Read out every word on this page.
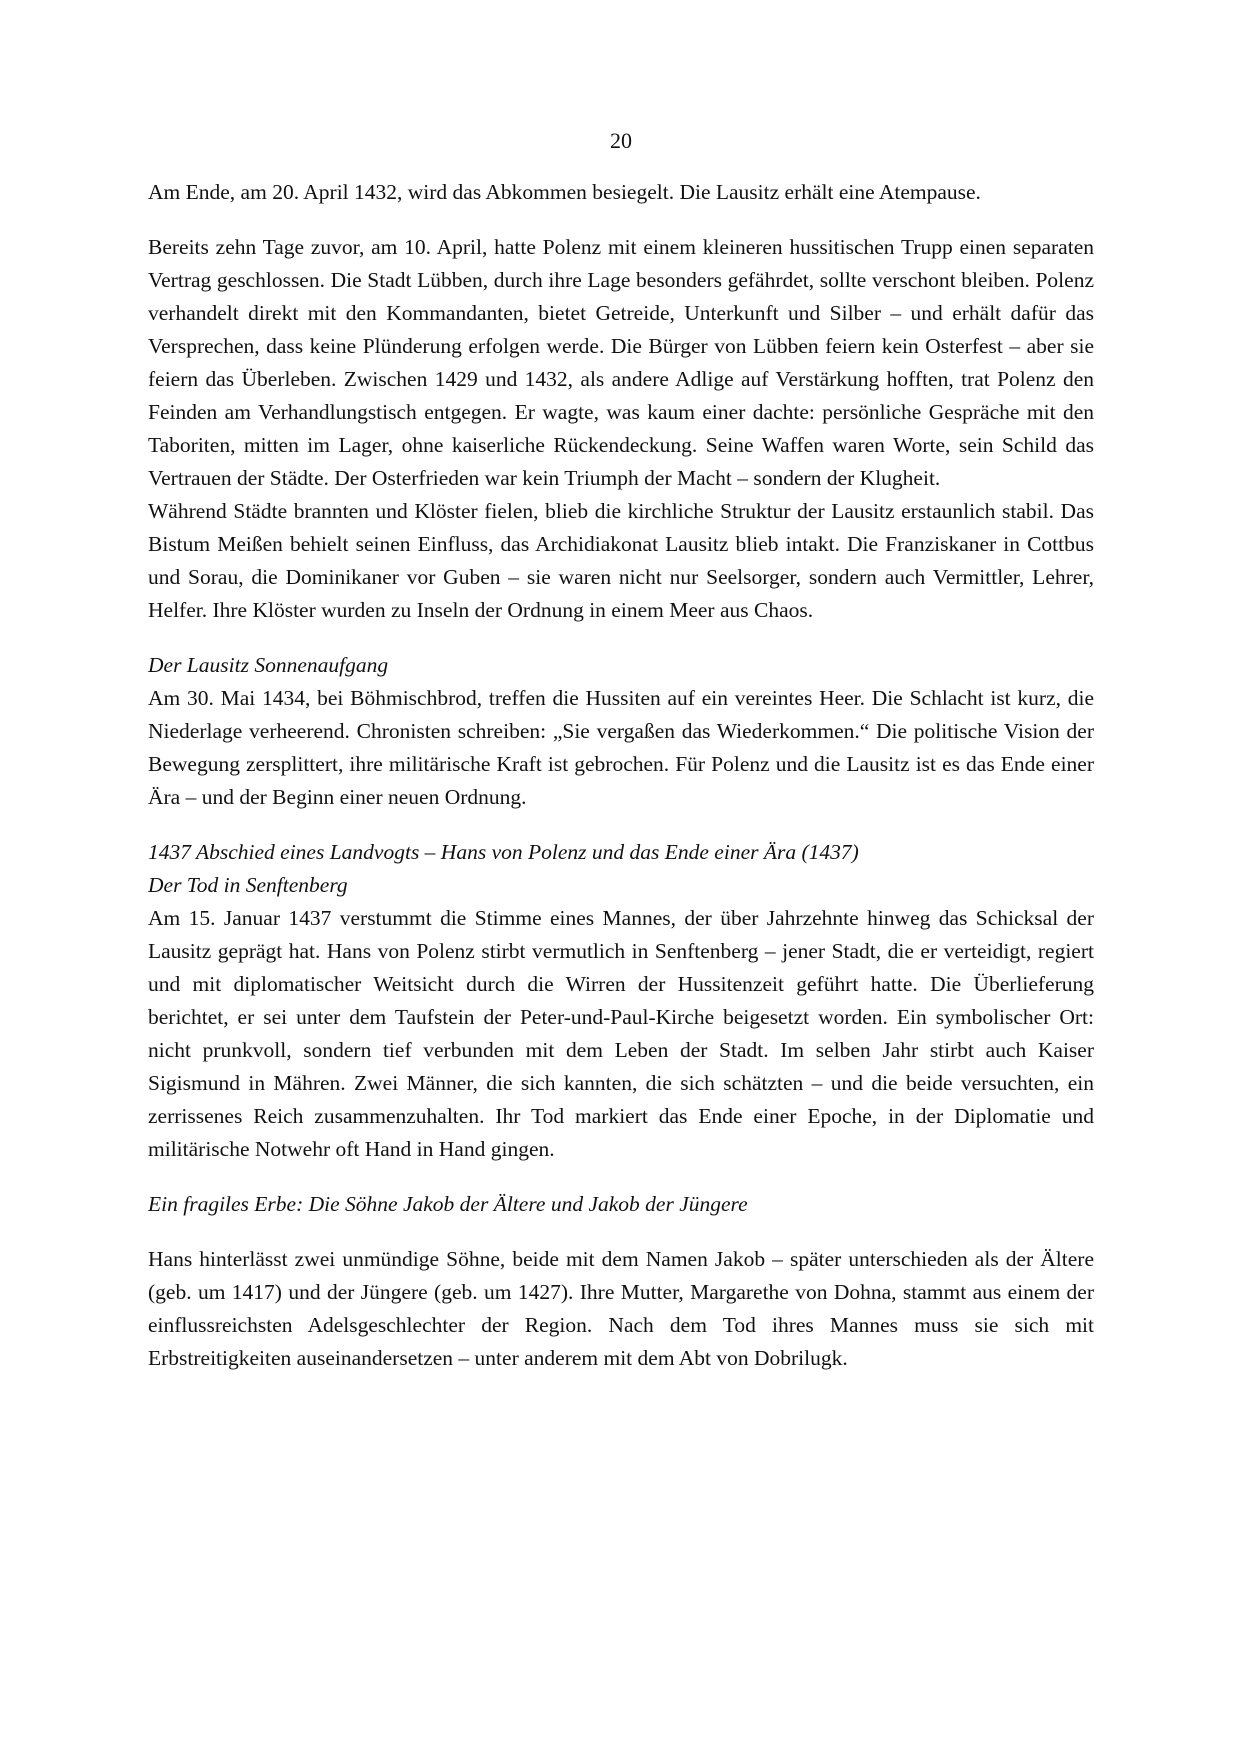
20

Am Ende, am 20. April 1432, wird das Abkommen besiegelt. Die Lausitz erhält eine Atempause.

Bereits zehn Tage zuvor, am 10. April, hatte Polenz mit einem kleineren hussitischen Trupp einen separaten Vertrag geschlossen. Die Stadt Lübben, durch ihre Lage besonders gefährdet, sollte verschont bleiben. Polenz verhandelt direkt mit den Kommandanten, bietet Getreide, Unterkunft und Silber – und erhält dafür das Versprechen, dass keine Plünderung erfolgen werde. Die Bürger von Lübben feiern kein Osterfest – aber sie feiern das Überleben. Zwischen 1429 und 1432, als andere Adlige auf Verstärkung hofften, trat Polenz den Feinden am Verhandlungstisch entgegen. Er wagte, was kaum einer dachte: persönliche Gespräche mit den Taboriten, mitten im Lager, ohne kaiserliche Rückendeckung. Seine Waffen waren Worte, sein Schild das Vertrauen der Städte. Der Osterfrieden war kein Triumph der Macht – sondern der Klugheit.

Während Städte brannten und Klöster fielen, blieb die kirchliche Struktur der Lausitz erstaunlich stabil. Das Bistum Meißen behielt seinen Einfluss, das Archidiakonat Lausitz blieb intakt. Die Franziskaner in Cottbus und Sorau, die Dominikaner vor Guben – sie waren nicht nur Seelsorger, sondern auch Vermittler, Lehrer, Helfer. Ihre Klöster wurden zu Inseln der Ordnung in einem Meer aus Chaos.

Der Lausitz Sonnenaufgang

Am 30. Mai 1434, bei Böhmischbrod, treffen die Hussiten auf ein vereintes Heer. Die Schlacht ist kurz, die Niederlage verheerend. Chronisten schreiben: „Sie vergaßen das Wiederkommen.“ Die politische Vision der Bewegung zersplittert, ihre militärische Kraft ist gebrochen. Für Polenz und die Lausitz ist es das Ende einer Ära – und der Beginn einer neuen Ordnung.

1437 Abschied eines Landvogts – Hans von Polenz und das Ende einer Ära (1437)

Der Tod in Senftenberg

Am 15. Januar 1437 verstummt die Stimme eines Mannes, der über Jahrzehnte hinweg das Schicksal der Lausitz geprägt hat. Hans von Polenz stirbt vermutlich in Senftenberg – jener Stadt, die er verteidigt, regiert und mit diplomatischer Weitsicht durch die Wirren der Hussitenzeit geführt hatte. Die Überlieferung berichtet, er sei unter dem Taufstein der Peter-und-Paul-Kirche beigesetzt worden. Ein symbolischer Ort: nicht prunkvoll, sondern tief verbunden mit dem Leben der Stadt. Im selben Jahr stirbt auch Kaiser Sigismund in Mähren. Zwei Männer, die sich kannten, die sich schätzten – und die beide versuchten, ein zerrissenes Reich zusammenzuhalten. Ihr Tod markiert das Ende einer Epoche, in der Diplomatie und militärische Notwehr oft Hand in Hand gingen.

Ein fragiles Erbe: Die Söhne Jakob der Ältere und Jakob der Jüngere

Hans hinterlässt zwei unmündige Söhne, beide mit dem Namen Jakob – später unterschieden als der Ältere (geb. um 1417) und der Jüngere (geb. um 1427). Ihre Mutter, Margarethe von Dohna, stammt aus einem der einflussreichsten Adelsgeschlechter der Region. Nach dem Tod ihres Mannes muss sie sich mit Erbstreitigkeiten auseinandersetzen – unter anderem mit dem Abt von Dobrilugk.
